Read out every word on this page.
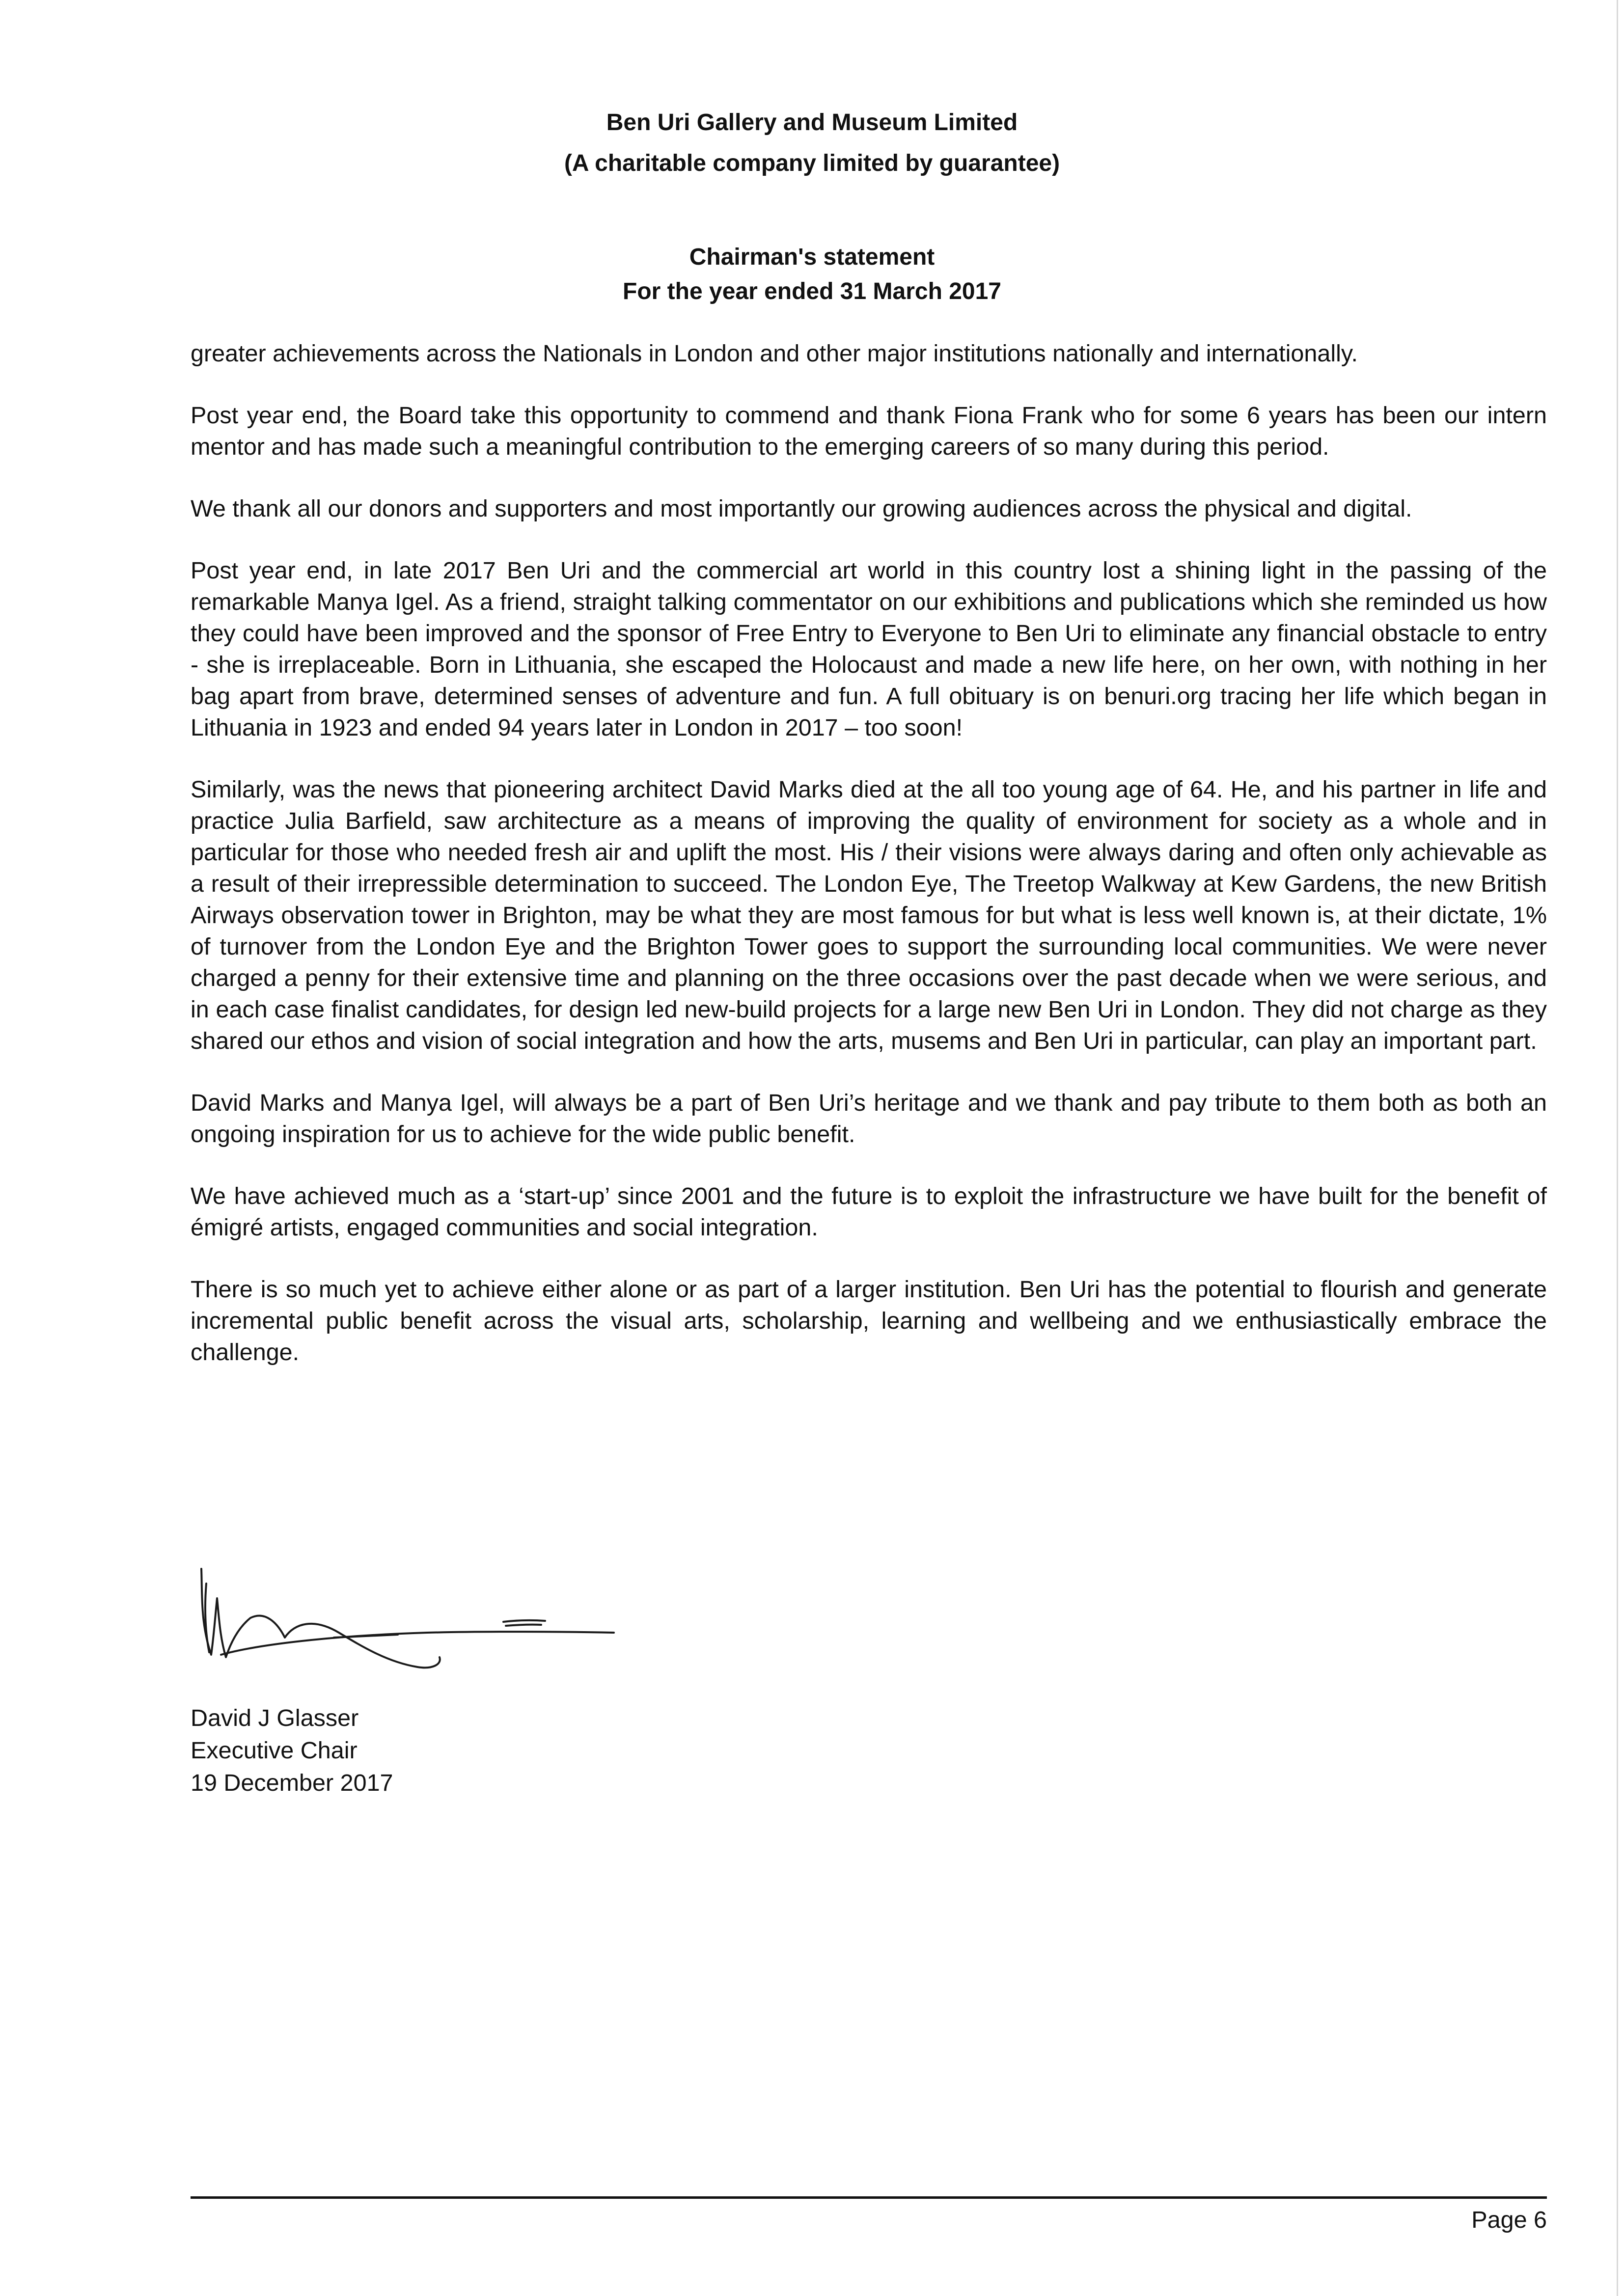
Ben Uri Gallery and Museum Limited
(A charitable company limited by guarantee)
Chairman's statement
For the year ended 31 March 2017

greater achievements across the Nationals in London and other major institutions nationally and internationally.

Post year end, the Board take this opportunity to commend and thank Fiona Frank who for some 6 years has been our intern mentor and has made such a meaningful contribution to the emerging careers of so many during this period.

We thank all our donors and supporters and most importantly our growing audiences across the physical and digital.

Post year end, in late 2017 Ben Uri and the commercial art world in this country lost a shining light in the passing of the remarkable Manya Igel. As a friend, straight talking commentator on our exhibitions and publications which she reminded us how they could have been improved and the sponsor of Free Entry to Everyone to Ben Uri to eliminate any financial obstacle to entry - she is irreplaceable. Born in Lithuania, she escaped the Holocaust and made a new life here, on her own, with nothing in her bag apart from brave, determined senses of adventure and fun. A full obituary is on benuri.org tracing her life which began in Lithuania in 1923 and ended 94 years later in London in 2017 – too soon!

Similarly, was the news that pioneering architect David Marks died at the all too young age of 64. He, and his partner in life and practice Julia Barfield, saw architecture as a means of improving the quality of environment for society as a whole and in particular for those who needed fresh air and uplift the most. His / their visions were always daring and often only achievable as a result of their irrepressible determination to succeed. The London Eye, The Treetop Walkway at Kew Gardens, the new British Airways observation tower in Brighton, may be what they are most famous for but what is less well known is, at their dictate, 1% of turnover from the London Eye and the Brighton Tower goes to support the surrounding local communities. We were never charged a penny for their extensive time and planning on the three occasions over the past decade when we were serious, and in each case finalist candidates, for design led new-build projects for a large new Ben Uri in London. They did not charge as they shared our ethos and vision of social integration and how the arts, musems and Ben Uri in particular, can play an important part.

David Marks and Manya Igel, will always be a part of Ben Uri’s heritage and we thank and pay tribute to them both as both an ongoing inspiration for us to achieve for the wide public benefit.

We have achieved much as a ‘start-up’ since 2001 and the future is to exploit the infrastructure we have built for the benefit of émigré artists, engaged communities and social integration.

There is so much yet to achieve either alone or as part of a larger institution. Ben Uri has the potential to flourish and generate incremental public benefit across the visual arts, scholarship, learning and wellbeing and we enthusiastically embrace the challenge.

David J Glasser
Executive Chair
19 December 2017
Page 6
